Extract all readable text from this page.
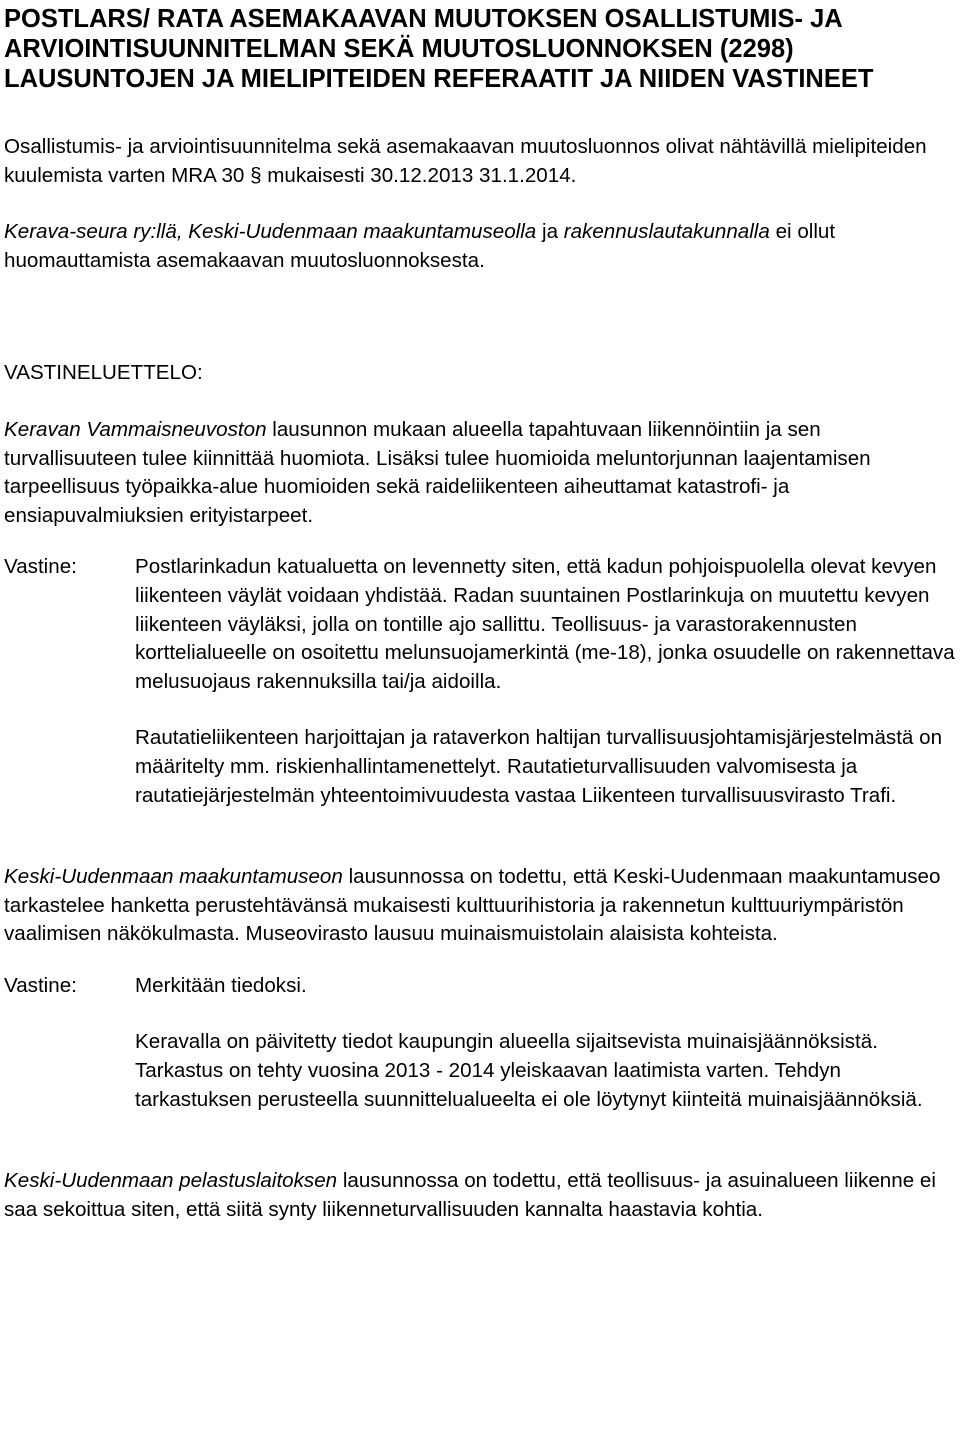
POSTLARS/ RATA ASEMAKAAVAN MUUTOKSEN OSALLISTUMIS- JA ARVIOINTISUUNNITELMAN SEKÄ MUUTOSLUONNOKSEN (2298) LAUSUNTOJEN JA MIELIPITEIDEN REFERAATIT JA NIIDEN VASTINEET

Osallistumis- ja arviointisuunnitelma sekä asemakaavan muutosluonnos olivat nähtävillä mielipiteiden kuulemista varten MRA 30 § mukaisesti 30.12.2013 31.1.2014.

Kerava-seura ry:llä, Keski-Uudenmaan maakuntamuseolla ja rakennuslautakunnalla ei ollut huomauttamista asemakaavan muutosluonnoksesta.

VASTINELUETTELO:

Keravan Vammaisneuvoston lausunnon mukaan alueella tapahtuvaan liikennöintiin ja sen turvallisuuteen tulee kiinnittää huomiota. Lisäksi tulee huomioida meluntorjunnan laajentamisen tarpeellisuus työpaikka-alue huomioiden sekä raideliikenteen aiheuttamat katastrofi- ja ensiapuvalmiuksien erityistarpeet.

Vastine:	Postlarinkadun katualuetta on levennetty siten, että kadun pohjoispuolella olevat kevyen liikenteen väylät voidaan yhdistää. Radan suuntainen Postlarinkuja on muutettu kevyen liikenteen väyläksi, jolla on tontille ajo sallittu. Teollisuus- ja varastorakennusten korttelialueelle on osoitettu melunsuojamerkintä (me-18), jonka osuudelle on rakennettava melusuojaus rakennuksilla tai/ja aidoilla.

Rautatieliikenteen harjoittajan ja rataverkon haltijan turvallisuusjohtamisjärjestelmästä on määritelty mm. riskienhallintamenettelyt. Rautatieturvallisuuden valvomisesta ja rautatiejärjestelmän yhteentoimivuudesta vastaa Liikenteen turvallisuusvirasto Trafi.

Keski-Uudenmaan maakuntamuseon lausunnossa on todettu, että Keski-Uudenmaan maakuntamuseo tarkastelee hanketta perustehtävänsä mukaisesti kulttuurihistoria ja rakennetun kulttuuriympäristön vaalimisen näkökulmasta. Museovirasto lausuu muinaismuistolain alaisista kohteista.

Vastine:	Merkitään tiedoksi.

Keravalla on päivitetty tiedot kaupungin alueella sijaitsevista muinaisjäännöksistä. Tarkastus on tehty vuosina 2013 - 2014 yleiskaavan laatimista varten. Tehdyn tarkastuksen perusteella suunnittelualueelta ei ole löytynyt kiinteitä muinaisjäännöksiä.

Keski-Uudenmaan pelastuslaitoksen lausunnossa on todettu, että teollisuus- ja asuinalueen liikenne ei saa sekoittua siten, että siitä synty liikenneturvallisuuden kannalta haastavia kohtia.
